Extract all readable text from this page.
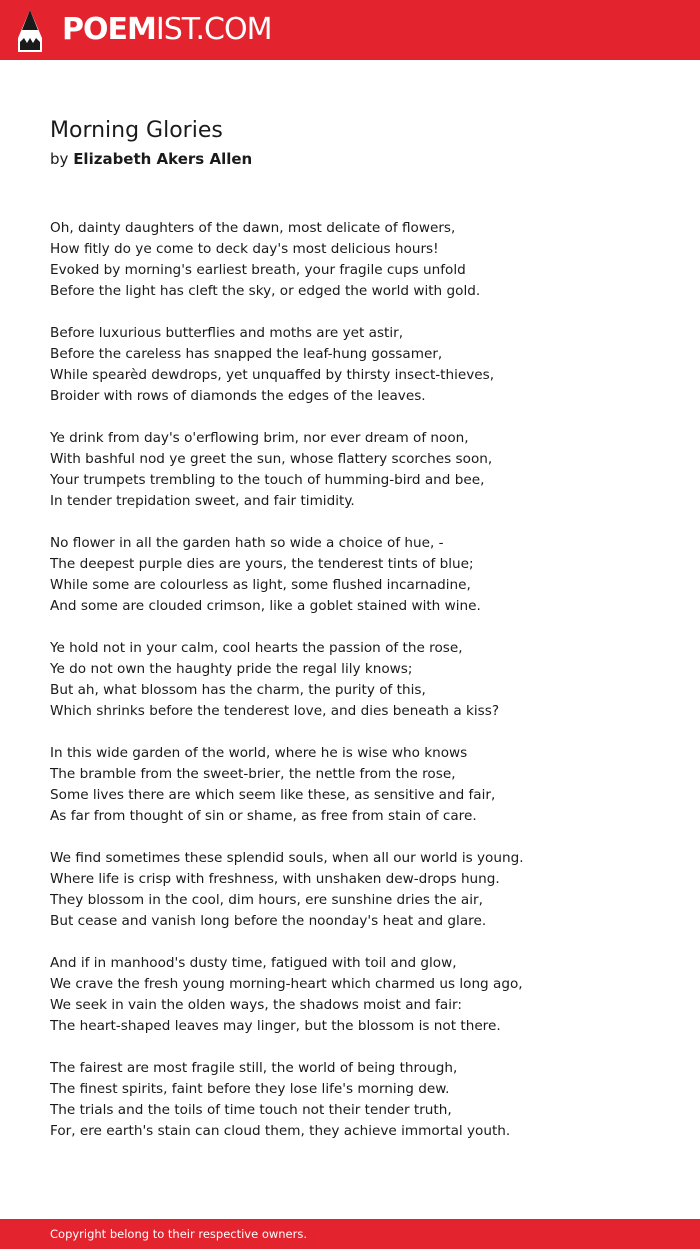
POEMIST.COM
Morning Glories
by Elizabeth Akers Allen

Oh, dainty daughters of the dawn, most delicate of flowers,
How fitly do ye come to deck day's most delicious hours!
Evoked by morning's earliest breath, your fragile cups unfold
Before the light has cleft the sky, or edged the world with gold.

Before luxurious butterflies and moths are yet astir,
Before the careless has snapped the leaf-hung gossamer,
While spearèd dewdrops, yet unquaffed by thirsty insect-thieves,
Broider with rows of diamonds the edges of the leaves.

Ye drink from day's o'erflowing brim, nor ever dream of noon,
With bashful nod ye greet the sun, whose flattery scorches soon,
Your trumpets trembling to the touch of humming-bird and bee,
In tender trepidation sweet, and fair timidity.

No flower in all the garden hath so wide a choice of hue, -
The deepest purple dies are yours, the tenderest tints of blue;
While some are colourless as light, some flushed incarnadine,
And some are clouded crimson, like a goblet stained with wine.

Ye hold not in your calm, cool hearts the passion of the rose,
Ye do not own the haughty pride the regal lily knows;
But ah, what blossom has the charm, the purity of this,
Which shrinks before the tenderest love, and dies beneath a kiss?

In this wide garden of the world, where he is wise who knows
The bramble from the sweet-brier, the nettle from the rose,
Some lives there are which seem like these, as sensitive and fair,
As far from thought of sin or shame, as free from stain of care.

We find sometimes these splendid souls, when all our world is young.
Where life is crisp with freshness, with unshaken dew-drops hung.
They blossom in the cool, dim hours, ere sunshine dries the air,
But cease and vanish long before the noonday's heat and glare.

And if in manhood's dusty time, fatigued with toil and glow,
We crave the fresh young morning-heart which charmed us long ago,
We seek in vain the olden ways, the shadows moist and fair:
The heart-shaped leaves may linger, but the blossom is not there.

The fairest are most fragile still, the world of being through,
The finest spirits, faint before they lose life's morning dew.
The trials and the toils of time touch not their tender truth,
For, ere earth's stain can cloud them, they achieve immortal youth.

Copyright belong to their respective owners.
